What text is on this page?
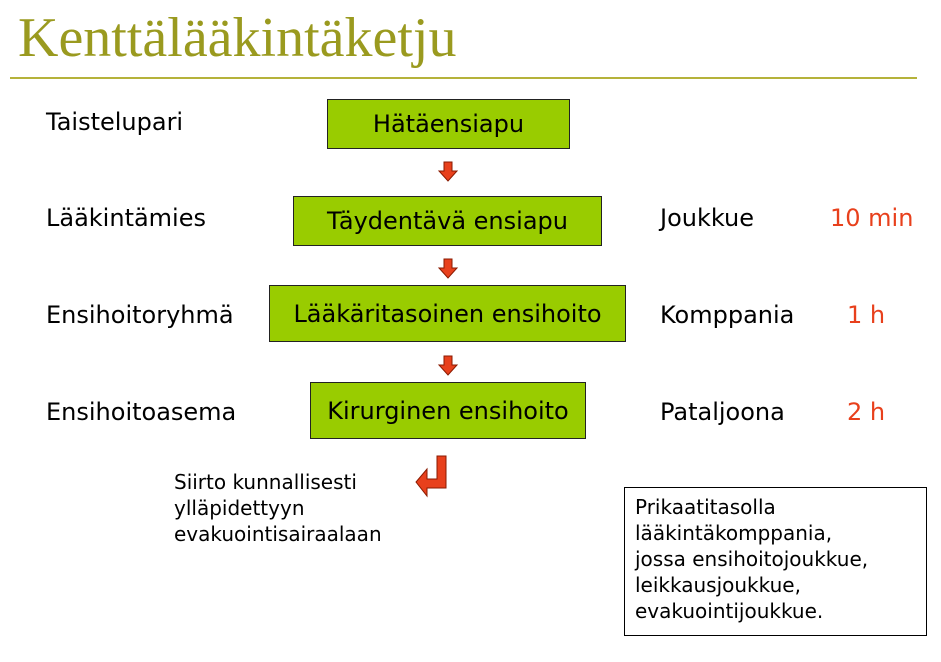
Kenttälääkintäketju
Taistelupari
Lääkintämies
Ensihoitoryhmä
Ensihoitoasema
Hätäensiapu
Täydentävä ensiapu
Lääkäritasoinen ensihoito
Kirurginen ensihoito
Joukkue
Komppania
Pataljoona
10 min
1 h
2 h
Siirto kunnallisesti
ylläpidettyyn
evakuointisairaalaan
Prikaatitasolla
lääkintäkomppania,
jossa ensihoitojoukkue,
leikkausjoukkue,
evakuointijoukkue.
